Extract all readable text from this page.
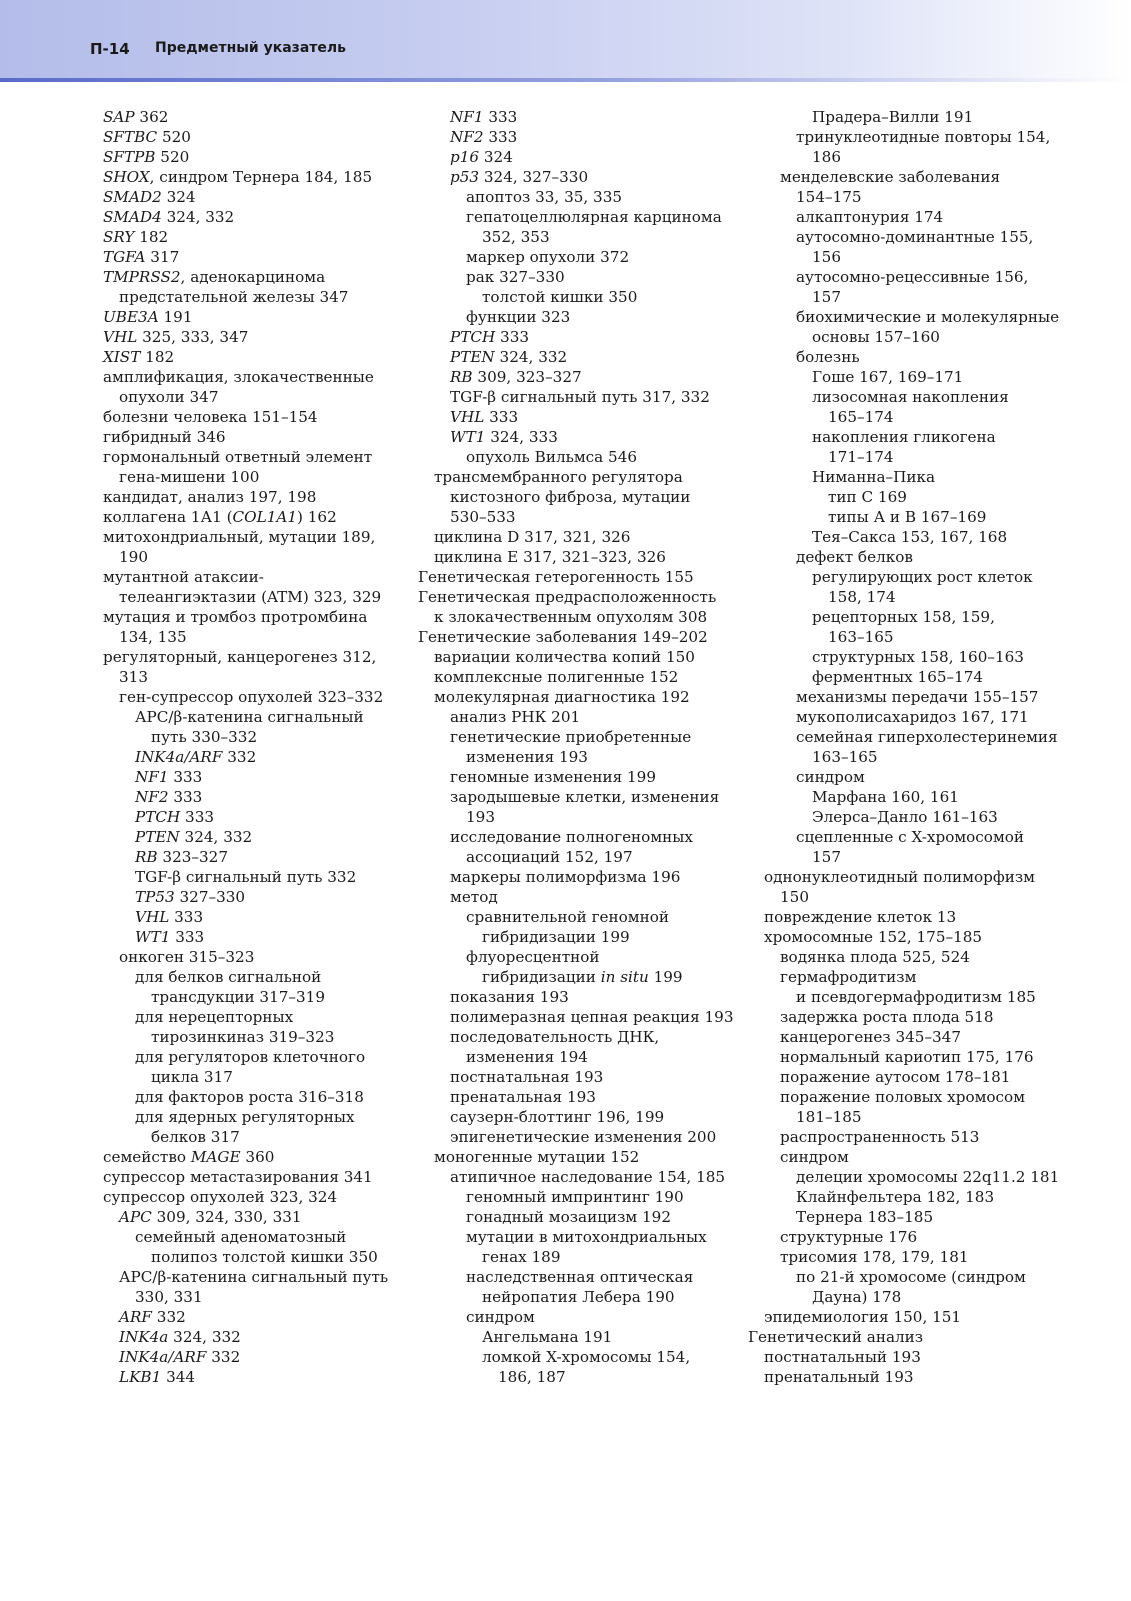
П-14 Предметный указатель
SAP 362
SFTBC 520
SFTPB 520
SHOX, синдром Тернера 184, 185
SMAD2 324
SMAD4 324, 332
SRY 182
TGFA 317
TMPRSS2, аденокарцинома
предстательной железы 347
UBE3A 191
VHL 325, 333, 347
XIST 182
амплификация, злокачественные
опухоли 347
болезни человека 151–154
гибридный 346
гормональный ответный элемент
гена-мишени 100
кандидат, анализ 197, 198
коллагена 1А1 (COL1A1) 162
митохондриальный, мутации 189,
190
мутантной атаксии-
телеангиэктазии (ATM) 323, 329
мутация и тромбоз протромбина
134, 135
регуляторный, канцерогенез 312,
313
ген-супрессор опухолей 323–332
АРС/β-катенина сигнальный
путь 330–332
INK4a/ARF 332
NF1 333
NF2 333
PTCH 333
PTEN 324, 332
RB 323–327
TGF-β сигнальный путь 332
TP53 327–330
VHL 333
WT1 333
онкоген 315–323
для белков сигнальной
трансдукции 317–319
для нерецепторных
тирозинкиназ 319–323
для регуляторов клеточного
цикла 317
для факторов роста 316–318
для ядерных регуляторных
белков 317
семейство MAGE 360
супрессор метастазирования 341
супрессор опухолей 323, 324
APC 309, 324, 330, 331
семейный аденоматозный
полипоз толстой кишки 350
АРС/β-катенина сигнальный путь
330, 331
ARF 332
INK4a 324, 332
INK4a/ARF 332
LKB1 344
NF1 333
NF2 333
p16 324
p53 324, 327–330
апоптоз 33, 35, 335
гепатоцеллюлярная карцинома
352, 353
маркер опухоли 372
рак 327–330
толстой кишки 350
функции 323
PTCH 333
PTEN 324, 332
RB 309, 323–327
TGF-β сигнальный путь 317, 332
VHL 333
WT1 324, 333
опухоль Вильмса 546
трансмембранного регулятора
кистозного фиброза, мутации
530–533
циклина D 317, 321, 326
циклина E 317, 321–323, 326
Генетическая гетерогенность 155
Генетическая предрасположенность
к злокачественным опухолям 308
Генетические заболевания 149–202
вариации количества копий 150
комплексные полигенные 152
молекулярная диагностика 192
анализ РНК 201
генетические приобретенные
изменения 193
геномные изменения 199
зародышевые клетки, изменения
193
исследование полногеномных
ассоциаций 152, 197
маркеры полиморфизма 196
метод
сравнительной геномной
гибридизации 199
флуоресцентной
гибридизации in situ 199
показания 193
полимеразная цепная реакция 193
последовательность ДНК,
изменения 194
постнатальная 193
пренатальная 193
саузерн-блоттинг 196, 199
эпигенетические изменения 200
моногенные мутации 152
атипичное наследование 154, 185
геномный импринтинг 190
гонадный мозаицизм 192
мутации в митохондриальных
генах 189
наследственная оптическая
нейропатия Лебера 190
синдром
Ангельмана 191
ломкой X-хромосомы 154,
186, 187
Прадера–Вилли 191
тринуклеотидные повторы 154,
186
менделевские заболевания
154–175
алкаптонурия 174
аутосомно-доминантные 155,
156
аутосомно-рецессивные 156,
157
биохимические и молекулярные
основы 157–160
болезнь
Гоше 167, 169–171
лизосомная накопления
165–174
накопления гликогена
171–174
Ниманна–Пика
тип С 169
типы А и В 167–169
Тея–Сакса 153, 167, 168
дефект белков
регулирующих рост клеток
158, 174
рецепторных 158, 159,
163–165
структурных 158, 160–163
ферментных 165–174
механизмы передачи 155–157
мукополисахаридоз 167, 171
семейная гиперхолестеринемия
163–165
синдром
Марфана 160, 161
Элерса–Данло 161–163
сцепленные с X-хромосомой
157
однонуклеотидный полиморфизм
150
повреждение клеток 13
хромосомные 152, 175–185
водянка плода 525, 524
гермафродитизм
и псевдогермафродитизм 185
задержка роста плода 518
канцерогенез 345–347
нормальный кариотип 175, 176
поражение аутосом 178–181
поражение половых хромосом
181–185
распространенность 513
синдром
делеции хромосомы 22q11.2 181
Клайнфельтера 182, 183
Тернера 183–185
структурные 176
трисомия 178, 179, 181
по 21-й хромосоме (синдром
Дауна) 178
эпидемиология 150, 151
Генетический анализ
постнатальный 193
пренатальный 193
